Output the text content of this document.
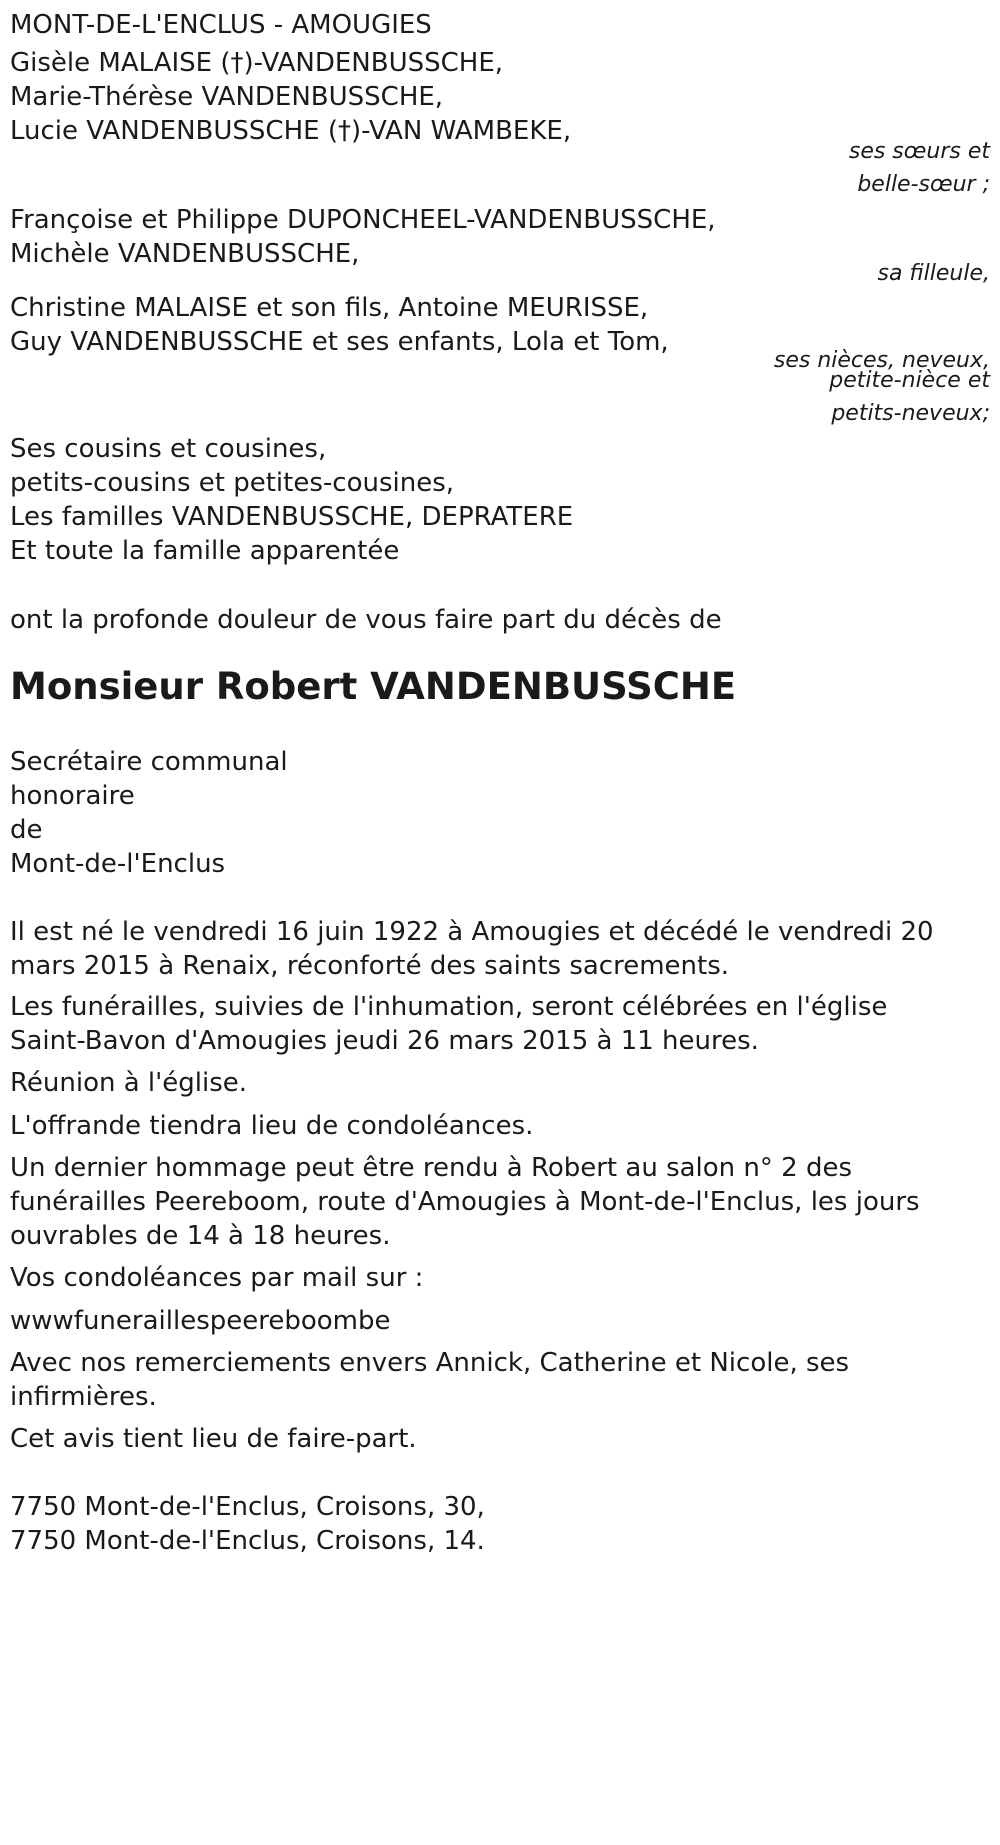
MONT-DE-L'ENCLUS - AMOUGIES
Gisèle MALAISE (†)-VANDENBUSSCHE,
Marie-Thérèse VANDENBUSSCHE,
Lucie VANDENBUSSCHE (†)-VAN WAMBEKE,
ses sœurs et
belle-sœur ;
Françoise et Philippe DUPONCHEEL-VANDENBUSSCHE,
Michèle VANDENBUSSCHE,
sa filleule,
Christine MALAISE et son fils, Antoine MEURISSE,
Guy VANDENBUSSCHE et ses enfants, Lola et Tom,
ses nièces, neveux,
petite-nièce et
petits-neveux;
Ses cousins et cousines,
petits-cousins et petites-cousines,
Les familles VANDENBUSSCHE, DEPRATERE
Et toute la famille apparentée
ont la profonde douleur de vous faire part du décès de
Monsieur Robert VANDENBUSSCHE
Secrétaire communal
honoraire
de
Mont-de-l'Enclus
Il est né le vendredi 16 juin 1922 à Amougies et décédé le vendredi 20
mars 2015 à Renaix, réconforté des saints sacrements.
Les funérailles, suivies de l'inhumation, seront célébrées en l'église
Saint-Bavon d'Amougies jeudi 26 mars 2015 à 11 heures.
Réunion à l'église.
L'offrande tiendra lieu de condoléances.
Un dernier hommage peut être rendu à Robert au salon n° 2 des
funérailles Peereboom, route d'Amougies à Mont-de-l'Enclus, les jours
ouvrables de 14 à 18 heures.
Vos condoléances par mail sur :
wwwfuneraillespeereboombe
Avec nos remerciements envers Annick, Catherine et Nicole, ses
infirmières.
Cet avis tient lieu de faire-part.
7750 Mont-de-l'Enclus, Croisons, 30,
7750 Mont-de-l'Enclus, Croisons, 14.
